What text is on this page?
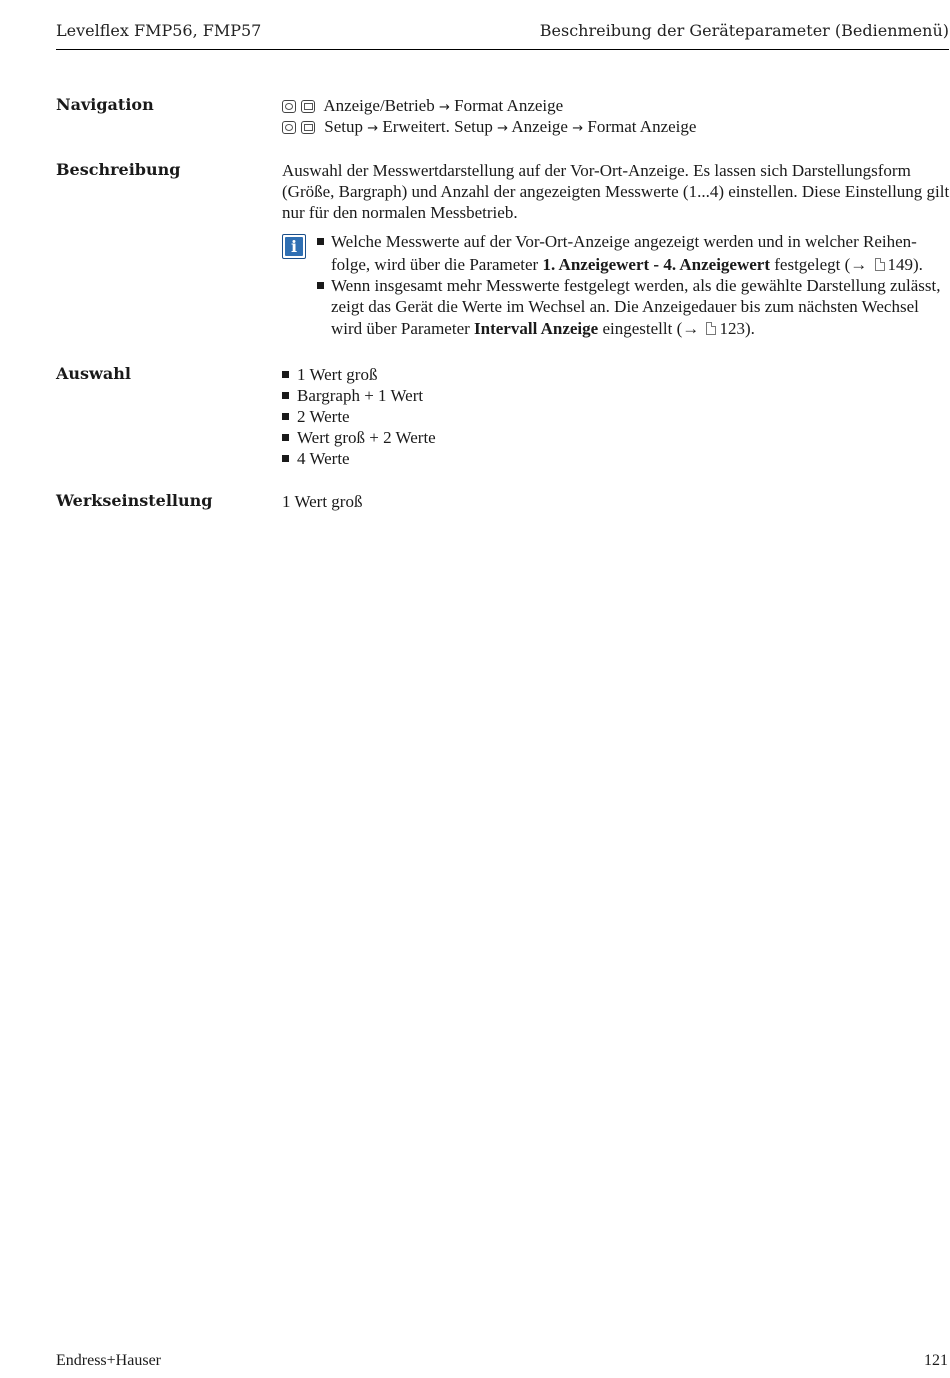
Levelflex FMP56, FMP57	Beschreibung der Geräteparameter (Bedienmenü)
Navigation	Anzeige/Betrieb → Format Anzeige
Setup → Erweitert. Setup → Anzeige → Format Anzeige
Beschreibung	Auswahl der Messwertdarstellung auf der Vor-Ort-Anzeige. Es lassen sich Darstellungsform
(Größe, Bargraph) und Anzahl der angezeigten Messwerte (1...4) einstellen. Diese Einstellung gilt
nur für den normalen Messbetrieb.
i	Welche Messwerte auf der Vor-Ort-Anzeige angezeigt werden und in welcher Reihen-
folge, wird über die Parameter 1. Anzeigewert - 4. Anzeigewert festgelegt (→ 149).
Wenn insgesamt mehr Messwerte festgelegt werden, als die gewählte Darstellung zulässt,
zeigt das Gerät die Werte im Wechsel an. Die Anzeigedauer bis zum nächsten Wechsel
wird über Parameter Intervall Anzeige eingestellt (→ 123).
Auswahl	1 Wert groß
Bargraph + 1 Wert
2 Werte
Wert groß + 2 Werte
4 Werte
Werkseinstellung	1 Wert groß
Endress+Hauser	121
